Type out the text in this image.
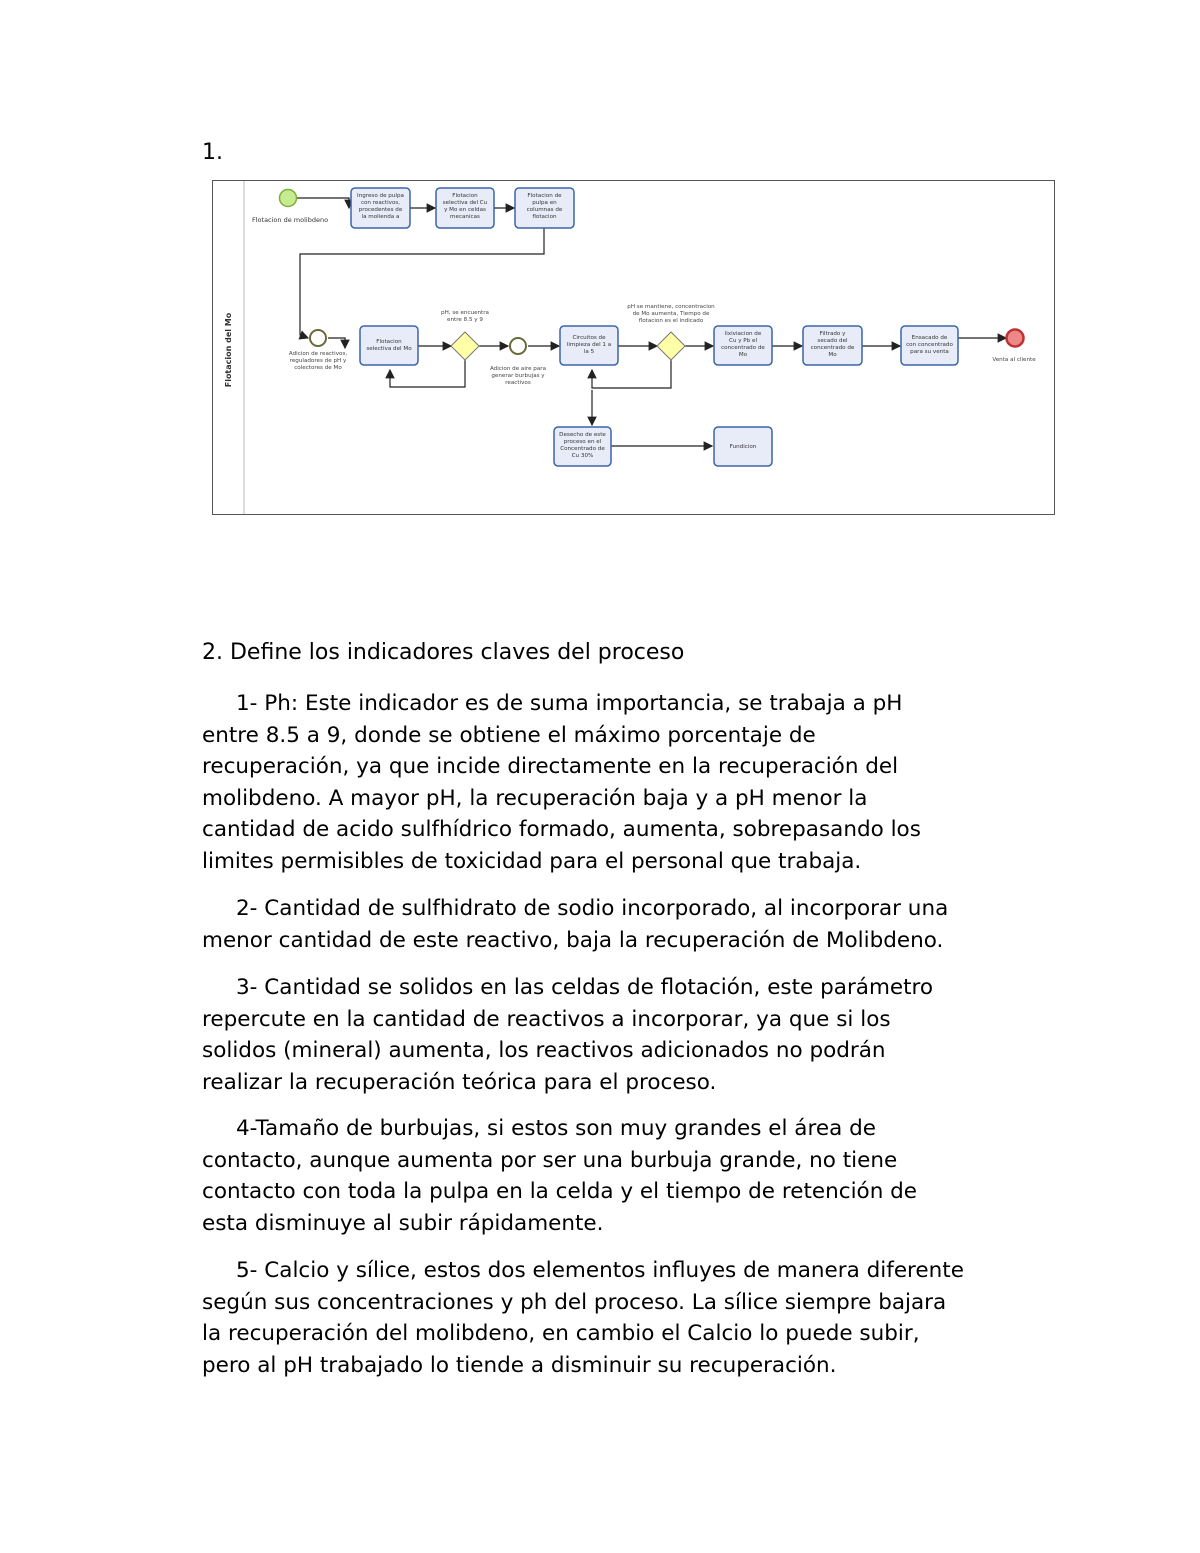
1.
Flotacion del Mo
Flotacion de molibdeno
Ingreso de pulpa con reactivos, procedentes de la molienda a
Flotacion selectiva del Cu y Mo en celdas mecanicas
Flotacion de pulpa en columnas de flotacion
Flotacion selectiva del Mo
Circuitos de limpieza del 1 a la 5
lixiviacion de Cu y Pb el concentrado de Mo
Filtrado y secado del concentrado de Mo
Ensacado de con concentrado para su venta
Desecho de este proceso en el Concentrado de Cu 30%
Fundicion
Adicion de reactivos, reguladores de pH y colectores de Mo
pH, se encuentra entre 8.5 y 9
Adicion de aire para generar burbujas y reactivos
pH se mantiene, concentracion de Mo aumenta, Tiempo de flotacion es el indicado
Venta al cliente
2. Define los indicadores claves del proceso
1- Ph: Este indicador es de suma importancia, se trabaja a pH
entre 8.5 a 9, donde se obtiene el máximo porcentaje de
recuperación, ya que incide directamente en la recuperación del
molibdeno. A mayor pH, la recuperación baja y a pH menor la
cantidad de acido sulfhídrico formado, aumenta, sobrepasando los
limites permisibles de toxicidad para el personal que trabaja.
2- Cantidad de sulfhidrato de sodio incorporado, al incorporar una
menor cantidad de este reactivo, baja la recuperación de Molibdeno.
3- Cantidad se solidos en las celdas de flotación, este parámetro
repercute en la cantidad de reactivos a incorporar, ya que si los
solidos (mineral) aumenta, los reactivos adicionados no podrán
realizar la recuperación teórica para el proceso.
4-Tamaño de burbujas, si estos son muy grandes el área de
contacto, aunque aumenta por ser una burbuja grande, no tiene
contacto con toda la pulpa en la celda y el tiempo de retención de
esta disminuye al subir rápidamente.
5- Calcio y sílice, estos dos elementos influyes de manera diferente
según sus concentraciones y ph del proceso. La sílice siempre bajara
la recuperación del molibdeno, en cambio el Calcio lo puede subir,
pero al pH trabajado lo tiende a disminuir su recuperación.
